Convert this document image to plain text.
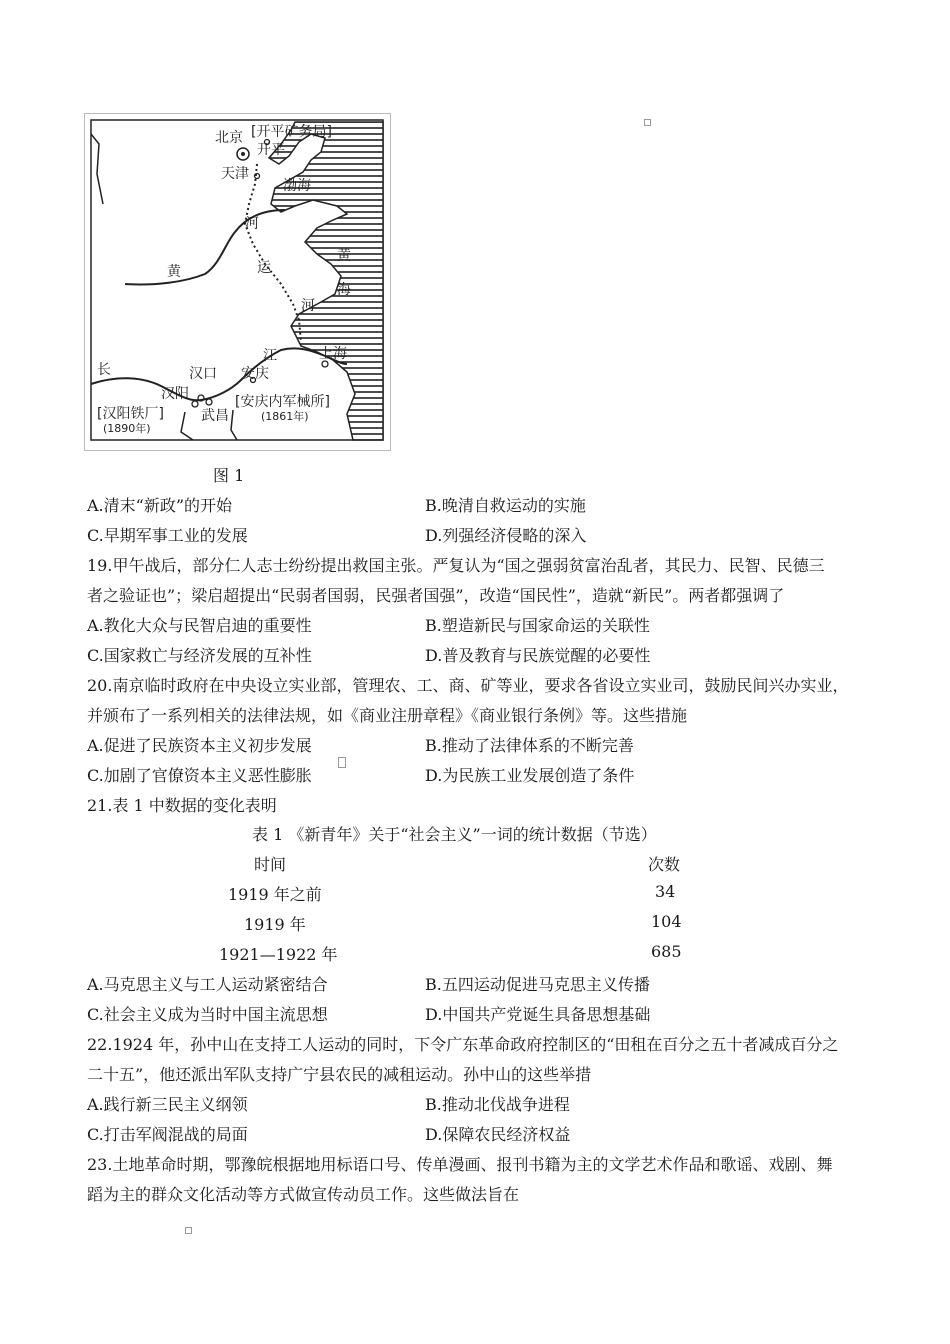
北京 [开平矿务局]
开平
天津
渤海
河
黄	运
黄
海
河
长
江	上海
汉口 安庆
汉阳
武昌
[汉阳铁厂]
(1890年)
[安庆内军械所]
(1861年)
图 1
A.清末“新政”的开始	B.晚清自救运动的实施
C.早期军事工业的发展	D.列强经济侵略的深入
19.甲午战后，部分仁人志士纷纷提出救国主张。严复认为“国之强弱贫富治乱者，其民力、民智、民德三
者之验证也”；梁启超提出“民弱者国弱，民强者国强”，改造“国民性”，造就“新民”。两者都强调了
A.教化大众与民智启迪的重要性	B.塑造新民与国家命运的关联性
C.国家救亡与经济发展的互补性	D.普及教育与民族觉醒的必要性
20.南京临时政府在中央设立实业部，管理农、工、商、矿等业，要求各省设立实业司，鼓励民间兴办实业，
并颁布了一系列相关的法律法规，如《商业注册章程》《商业银行条例》等。这些措施
A.促进了民族资本主义初步发展	B.推动了法律体系的不断完善
C.加剧了官僚资本主义恶性膨胀	D.为民族工业发展创造了条件
21.表 1 中数据的变化表明
表 1 《新青年》关于“社会主义”一词的统计数据（节选）
时间	次数
1919 年之前	34
1919 年	104
1921—1922 年	685
A.马克思主义与工人运动紧密结合	B.五四运动促进马克思主义传播
C.社会主义成为当时中国主流思想	D.中国共产党诞生具备思想基础
22.1924 年，孙中山在支持工人运动的同时，下令广东革命政府控制区的“田租在百分之五十者减成百分之
二十五”，他还派出军队支持广宁县农民的减租运动。孙中山的这些举措
A.践行新三民主义纲领	B.推动北伐战争进程
C.打击军阀混战的局面	D.保障农民经济权益
23.土地革命时期，鄂豫皖根据地用标语口号、传单漫画、报刊书籍为主的文学艺术作品和歌谣、戏剧、舞
蹈为主的群众文化活动等方式做宣传动员工作。这些做法旨在
